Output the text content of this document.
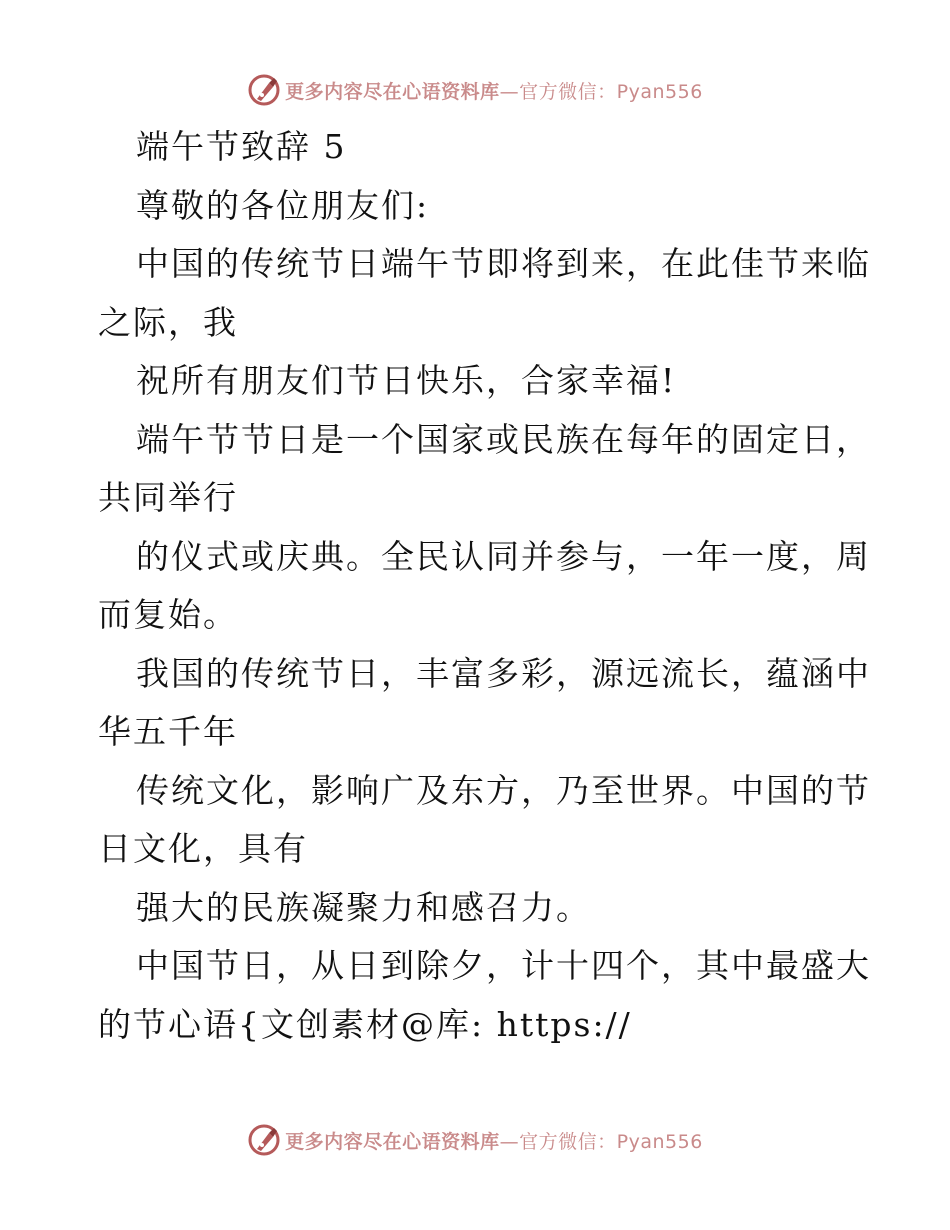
更多内容尽在心语资料库—官方微信：Pyan556
端午节致辞 5
尊敬的各位朋友们:
中国的传统节日端午节即将到来，在此佳节来临
之际，我
祝所有朋友们节日快乐，合家幸福!
端午节节日是一个国家或民族在每年的固定日，
共同举行
的仪式或庆典。全民认同并参与，一年一度，周
而复始。
我国的传统节日，丰富多彩，源远流长，蕴涵中
华五千年
传统文化，影响广及东方，乃至世界。中国的节
日文化，具有
强大的民族凝聚力和感召力。
中国节日，从日到除夕，计十四个，其中最盛大
的节心语{文创素材@库: https://
更多内容尽在心语资料库—官方微信：Pyan556
